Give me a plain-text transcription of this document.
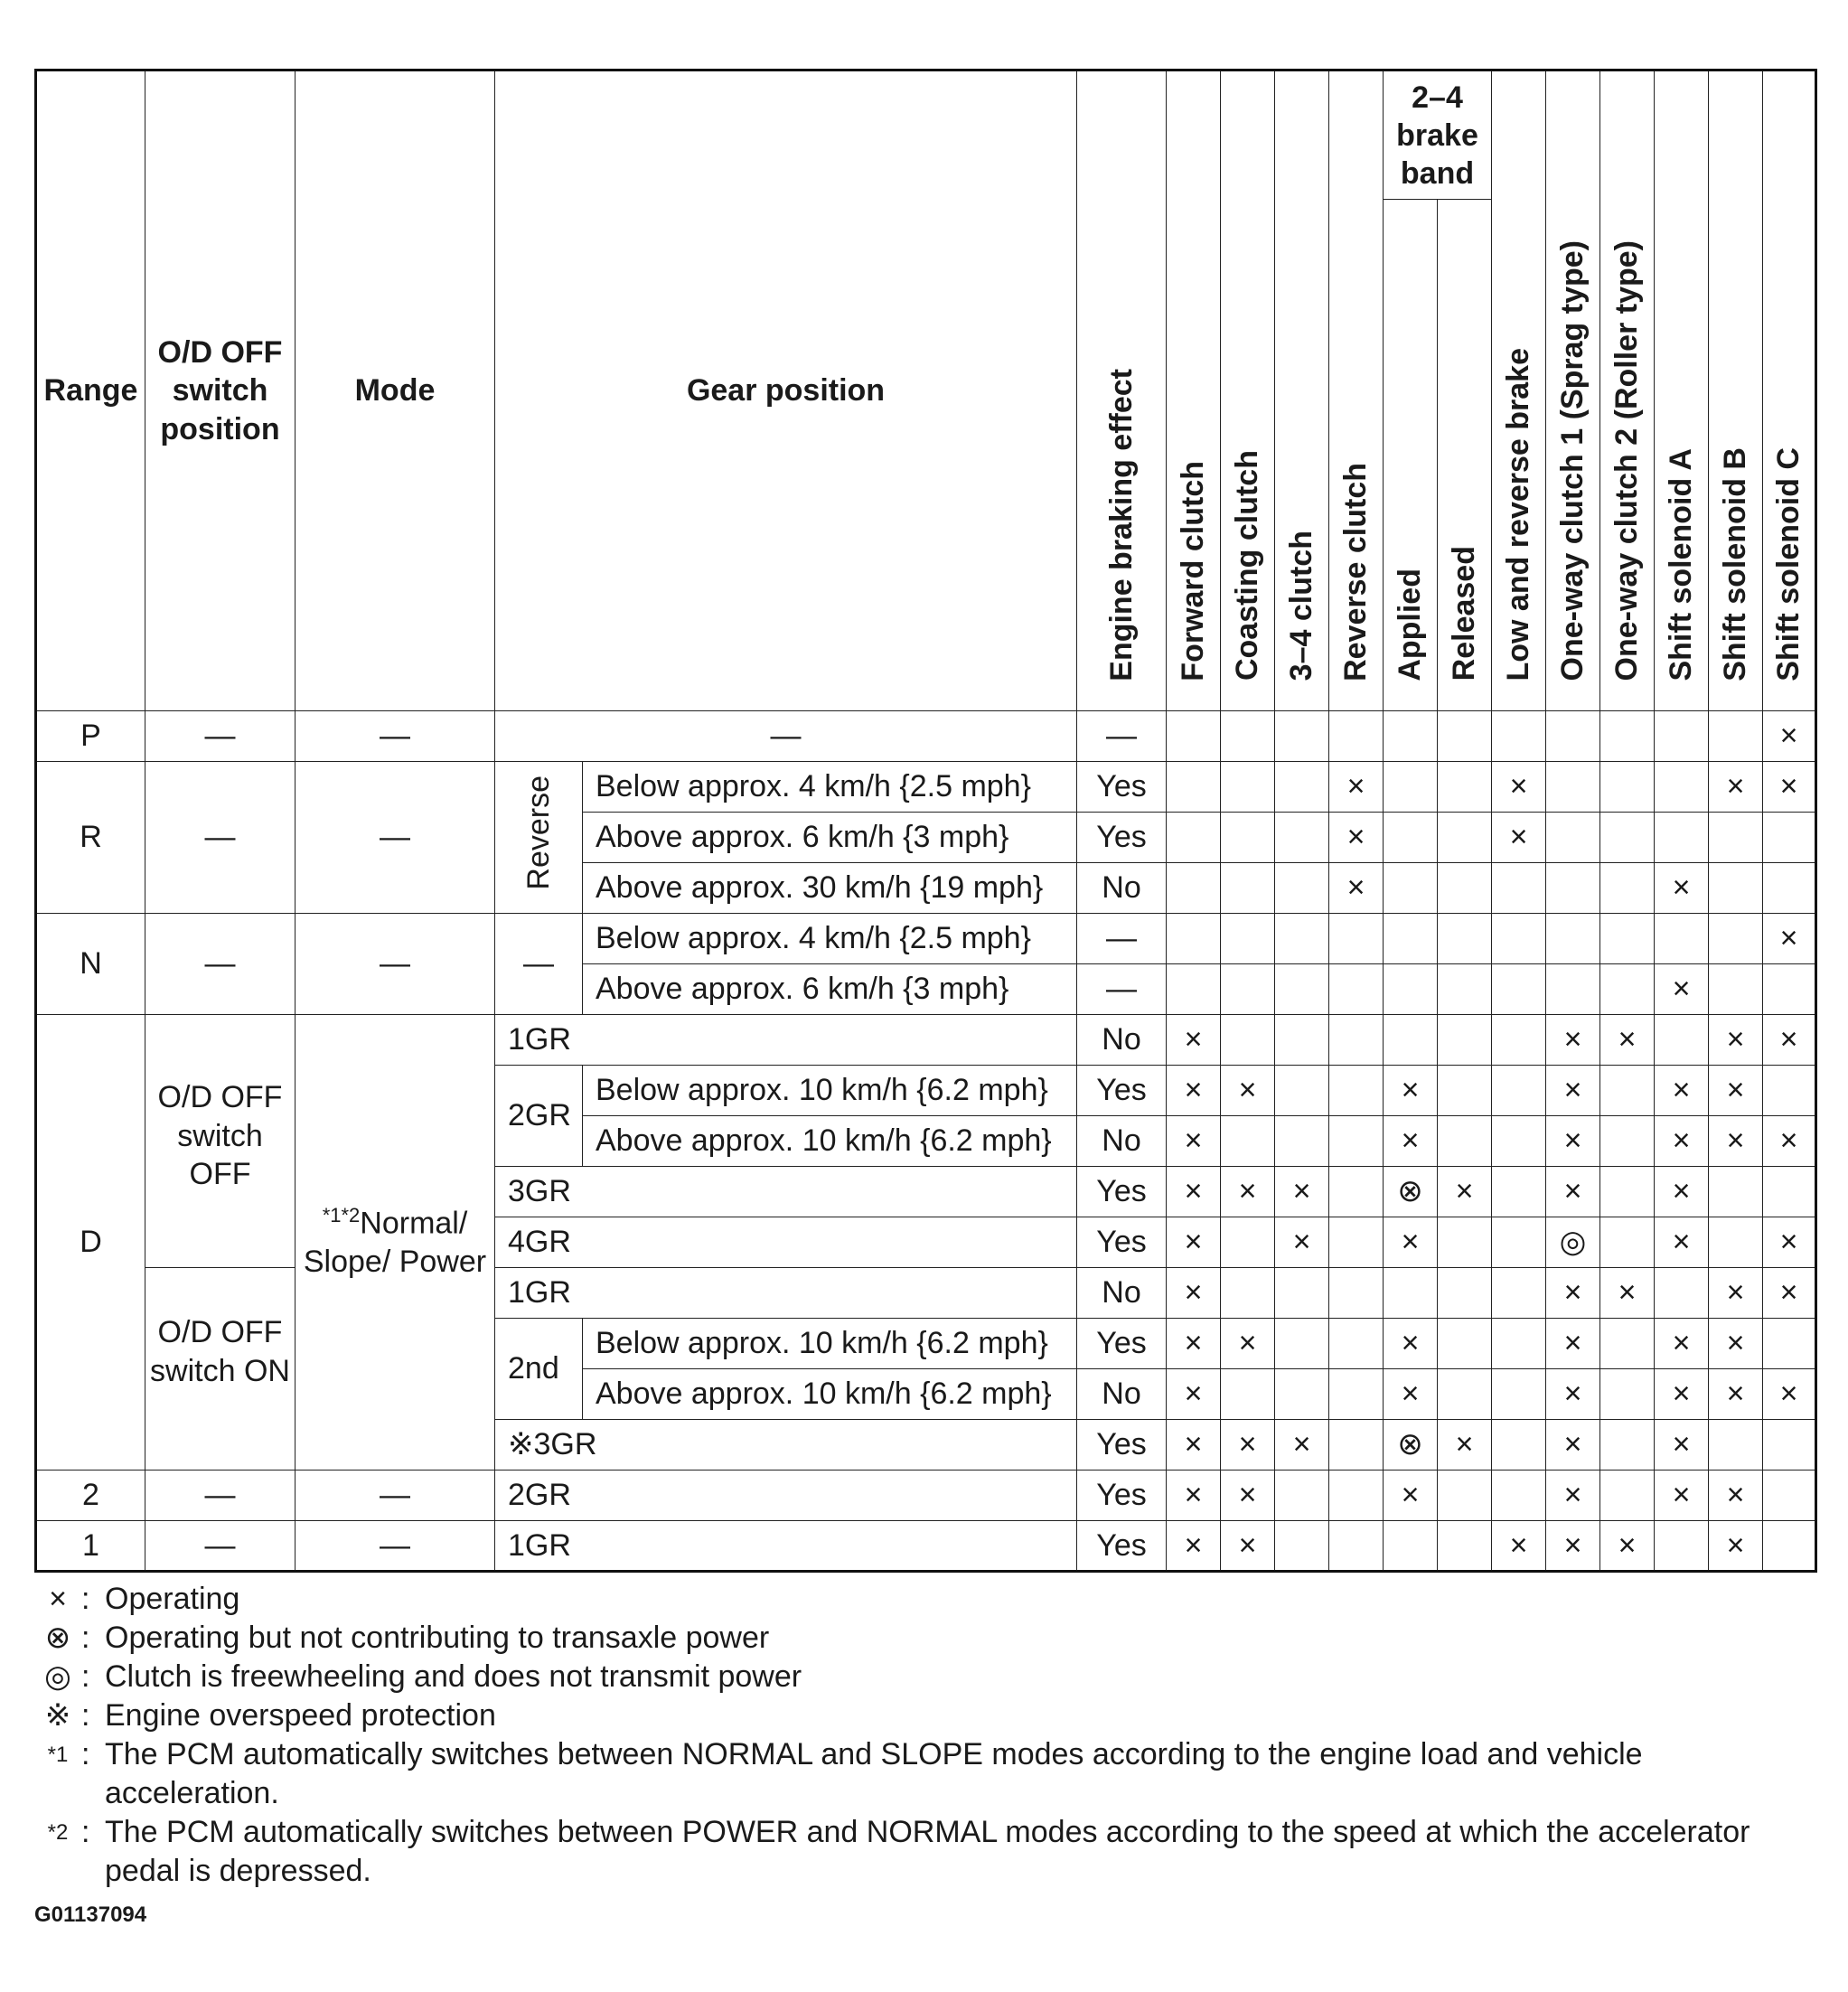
Range	O/D OFF switch position	Mode	Gear position		Engine braking effect	Forward clutch	Coasting clutch	3–4 clutch	Reverse clutch	2–4 brake band		Low and reverse brake	One-way clutch 1 (Sprag type)	One-way clutch 2 (Roller type)	Shift solenoid A	Shift solenoid B	Shift solenoid C
										Applied	Released						
P	—	—	—		—												×
R	—	—	Reverse	Below approx. 4 km/h {2.5 mph}	Yes				×			×				×	×
				Above approx. 6 km/h {3 mph}	Yes				×			×					
				Above approx. 30 km/h {19 mph}	No				×						×		
N	—	—	—	Below approx. 4 km/h {2.5 mph}	—												×
				Above approx. 6 km/h {3 mph}	—										×		
D	O/D OFF switch OFF	$^{*1*2}$Normal/ Slope/ Power	1GR		No	×							×	×		×	×
			2GR	Below approx. 10 km/h {6.2 mph}	Yes	×	×			×			×		×	×	
				Above approx. 10 km/h {6.2 mph}	No	×				×			×		×	×	×
			3GR		Yes	×	×	×		⊗	×		×		×		
			4GR		Yes	×		×		×			◎		×		×
	O/D OFF switch ON		1GR		No	×							×	×		×	×
			2nd	Below approx. 10 km/h {6.2 mph}	Yes	×	×			×			×		×	×	
				Above approx. 10 km/h {6.2 mph}	No	×				×			×		×	×	×
			※3GR		Yes	×	×	×		⊗	×		×		×		
2	—	—	2GR		Yes	×	×			×			×		×	×	
1	—	—	1GR		Yes	×	×					×	×	×		×	
× : Operating
⊗ : Operating but not contributing to transaxle power
◎ : Clutch is freewheeling and does not transmit power
※ : Engine overspeed protection
*1 : The PCM automatically switches between NORMAL and SLOPE modes according to the engine load and vehicle acceleration.
*2 : The PCM automatically switches between POWER and NORMAL modes according to the speed at which the accelerator pedal is depressed.
G01137094
